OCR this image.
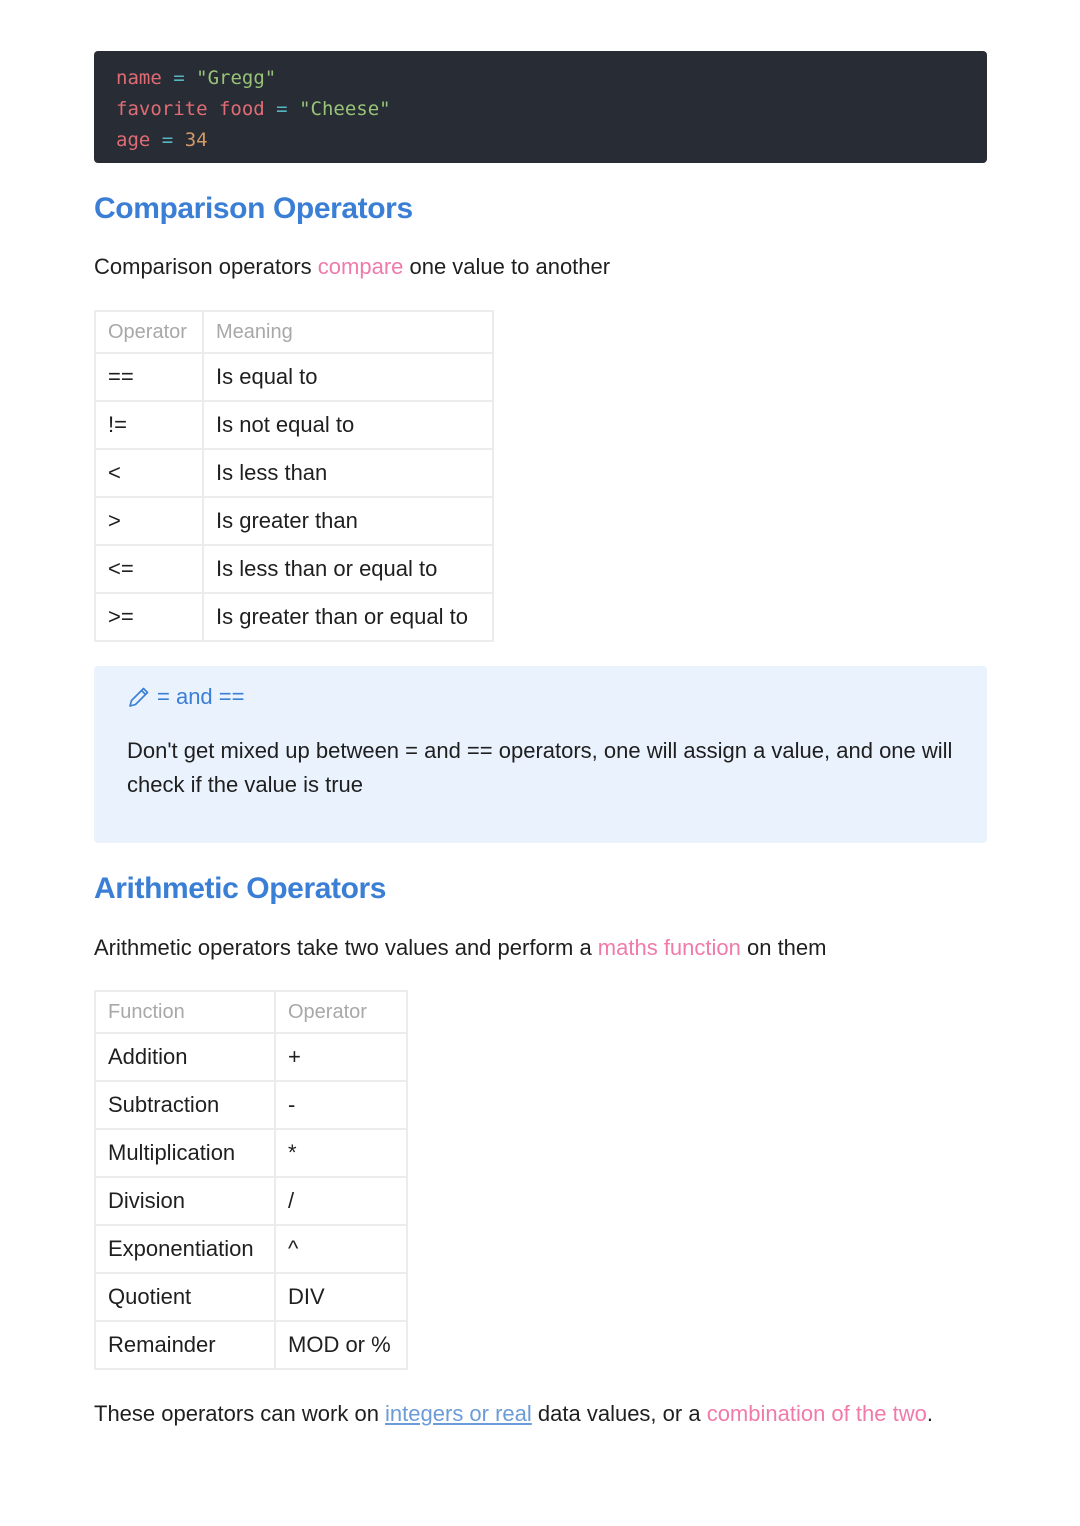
name = "Gregg"
favorite food = "Cheese"
age = 34
Comparison Operators

Comparison operators compare one value to another

Operator	Meaning
==	Is equal to
!=	Is not equal to
<	Is less than
>	Is greater than
<=	Is less than or equal to
>=	Is greater than or equal to
= and ==
Don't get mixed up between = and == operators, one will assign a value, and one will check if the value is true
Arithmetic Operators

Arithmetic operators take two values and perform a maths function on them

Function	Operator
Addition	+
Subtraction	-
Multiplication	*
Division	/
Exponentiation	^
Quotient	DIV
Remainder	MOD or %

These operators can work on integers or real data values, or a combination of the two.
